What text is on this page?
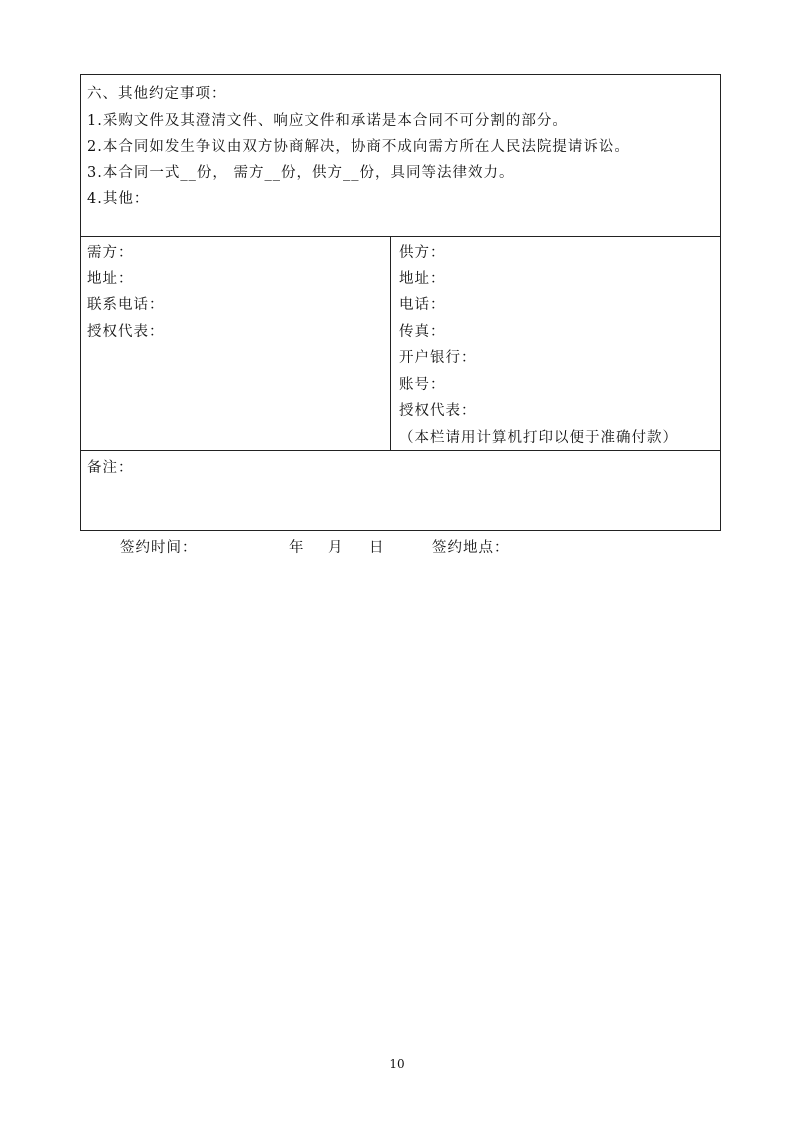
六、其他约定事项：
1.采购文件及其澄清文件、响应文件和承诺是本合同不可分割的部分。
2.本合同如发生争议由双方协商解决，协商不成向需方所在人民法院提请诉讼。
3.本合同一式__份， 需方__份，供方__份，具同等法律效力。
4.其他：
需方：
地址：
联系电话：
授权代表：
供方：
地址：
电话：
传真：
开户银行：
账号：
授权代表：
（本栏请用计算机打印以便于准确付款）
备注：
签约时间：	年 月 日	签约地点：
10
